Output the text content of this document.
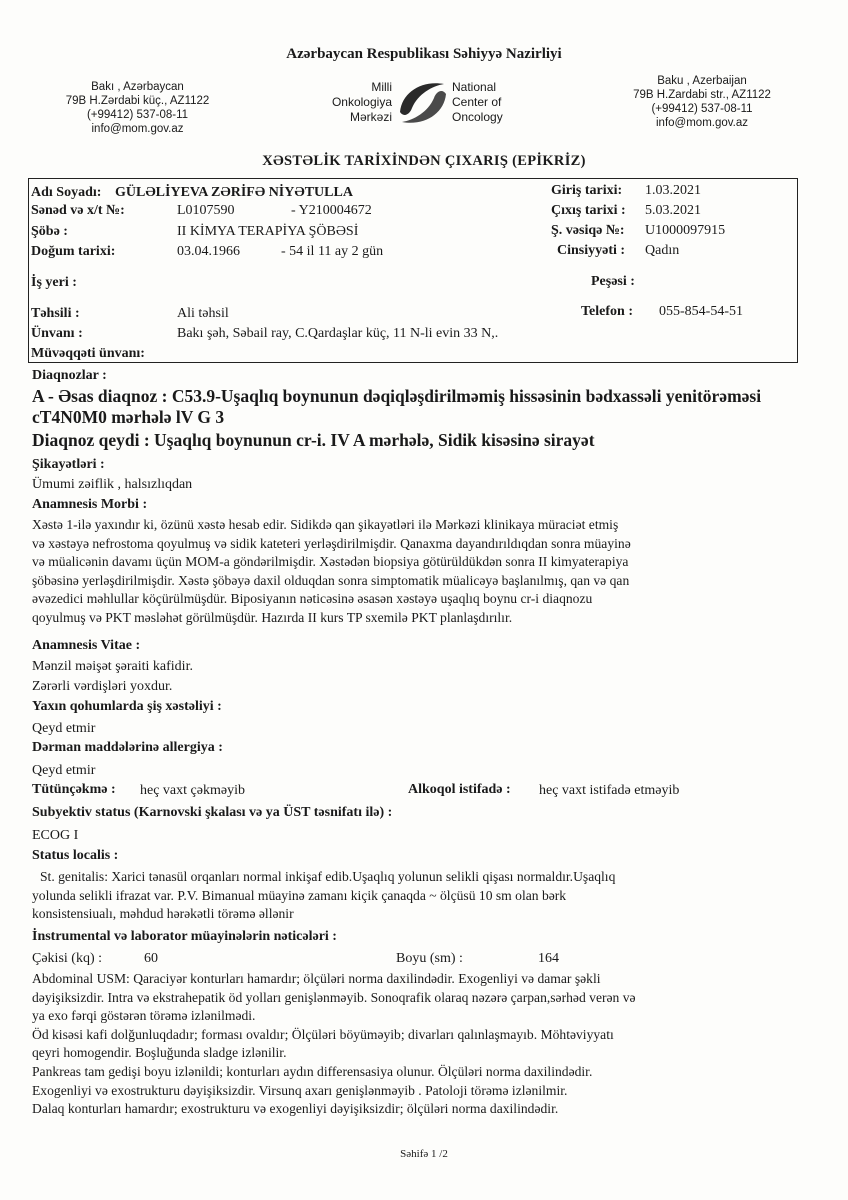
Azərbaycan Respublikası Səhiyyə Nazirliyi
Bakı , Azərbaycan
79B H.Zərdabi küç., AZ1122
(+99412) 537-08-11
info@mom.gov.az
Milli
Onkologiya
Mərkəzi
National
Center of
Oncology
Baku , Azerbaijan
79B H.Zardabi str., AZ1122
(+99412) 537-08-11
info@mom.gov.az
XƏSTƏLİK TARİXİNDƏN ÇIXARIŞ (EPİKRİZ)
Adı Soyadı: GÜLƏLİYEVA ZƏRİFƏ NİYƏTULLA
Sənəd və x/t №:	L0107590	- Y210004672
Şöbə :	II KİMYA TERAPİYA ŞÖBƏSİ
Doğum tarixi:	03.04.1966	- 54 il 11 ay 2 gün
İş yeri :
Təhsili :	Ali təhsil
Ünvanı :	Bakı şəh, Səbail ray, C.Qardaşlar küç, 11 N-li evin 33 N,.
Müvəqqəti ünvanı:
Giriş tarixi: 1.03.2021
Çıxış tarixi : 5.03.2021
Ş. vəsiqə №: U1000097915
Cinsiyyəti : Qadın
Peşəsi :
Telefon : 055-854-54-51
Diaqnozlar :
A - Əsas diaqnoz : C53.9-Uşaqlıq boynunun dəqiqləşdirilməmiş hissəsinin bədxassəli yenitörəməsi cT4N0M0 mərhələ lV G 3
Diaqnoz qeydi : Uşaqlıq boynunun cr-i. IV A mərhələ, Sidik kisəsinə sirayət
Şikayətləri :
Ümumi zəiflik , halsızlıqdan
Anamnesis Morbi :
Xəstə 1-ilə yaxındır ki, özünü xəstə hesab edir. Sidikdə qan şikayətləri ilə Mərkəzi klinikaya müraciət etmiş
və xəstəyə nefrostoma qoyulmuş və sidik kateteri yerləşdirilmişdir. Qanaxma dayandırıldıqdan sonra müayinə
və müalicənin davamı üçün MOM-a göndərilmişdir. Xəstədən biopsiya götürüldükdən sonra II kimyaterapiya
şöbəsinə yerləşdirilmişdir. Xəstə şöbəyə daxil olduqdan sonra simptomatik müalicəyə başlanılmış, qan və qan
əvəzedici məhlullar köçürülmüşdür. Biposiyanın nəticəsinə əsasən xəstəyə uşaqlıq boynu cr-i diaqnozu
qoyulmuş və PKT məsləhət görülmüşdür. Hazırda II kurs TP sxemilə PKT planlaşdırılır.
Anamnesis Vitae :
Mənzil məişət şəraiti kafidir.
Zərərli vərdişləri yoxdur.
Yaxın qohumlarda şiş xəstəliyi :
Qeyd etmir
Dərman maddələrinə allergiya :
Qeyd etmir
Tütünçəkmə : heç vaxt çəkməyib	Alkoqol istifadə : heç vaxt istifadə etməyib
Subyektiv status (Karnovski şkalası və ya ÜST təsnifatı ilə) :
ECOG I
Status localis :
St. genitalis: Xarici tənasül orqanları normal inkişaf edib.Uşaqlıq yolunun selikli qişası normaldır.Uşaqlıq
yolunda selikli ifrazat var. P.V. Bimanual müayinə zamanı kiçik çanaqda ~ ölçüsü 10 sm olan bərk
konsistensiualı, məhdud hərəkətli törəmə əllənir
İnstrumental və laborator müayinələrin nəticələri :
Çəkisi (kq) :	60	Boyu (sm) :	164
Abdominal USM: Qaraciyər konturları hamardır; ölçüləri norma daxilindədir. Exogenliyi və damar şəkli
dəyişiksizdir. Intra və ekstrahepatik öd yolları genişlənməyib. Sonoqrafik olaraq nəzərə çarpan,sərhəd verən və
ya exo fərqi göstərən törəmə izlənilmədi.
Öd kisəsi kafi dolğunluqdadır; forması ovaldır; Ölçüləri böyüməyib; divarları qalınlaşmayıb. Möhtəviyyatı
qeyri homogendir. Boşluğunda sladge izlənilir.
Pankreas tam gedişi boyu izlənildi; konturları aydın differensasiya olunur. Ölçüləri norma daxilindədir.
Exogenliyi və exostrukturu dəyişiksizdir. Virsunq axarı genişlənməyib . Patoloji törəmə izlənilmir.
Dalaq konturları hamardır; exostrukturu və exogenliyi dəyişiksizdir; ölçüləri norma daxilindədir.
Səhifə 1 /2
